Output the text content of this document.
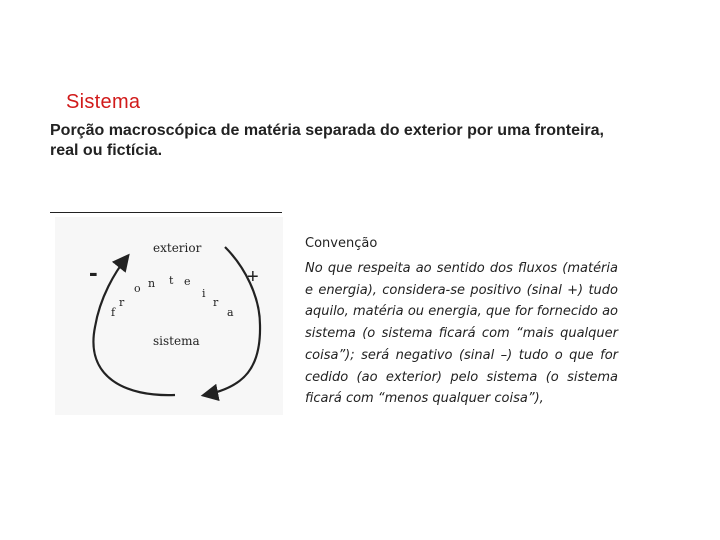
Sistema
Porção macroscópica de matéria separada do exterior por uma fronteira, real ou fictícia.
exterior
sistema
-	+
f
r
o n t e
i
r
a
Convenção
No que respeita ao sentido dos fluxos (matéria e energia), considera-se positivo (sinal +) tudo aquilo, matéria ou energia, que for fornecido ao sistema (o sistema ficará com “mais qualquer coisa”); será negativo (sinal –) tudo o que for cedido (ao exterior) pelo sistema (o sistema ficará com “menos qualquer coisa”),
